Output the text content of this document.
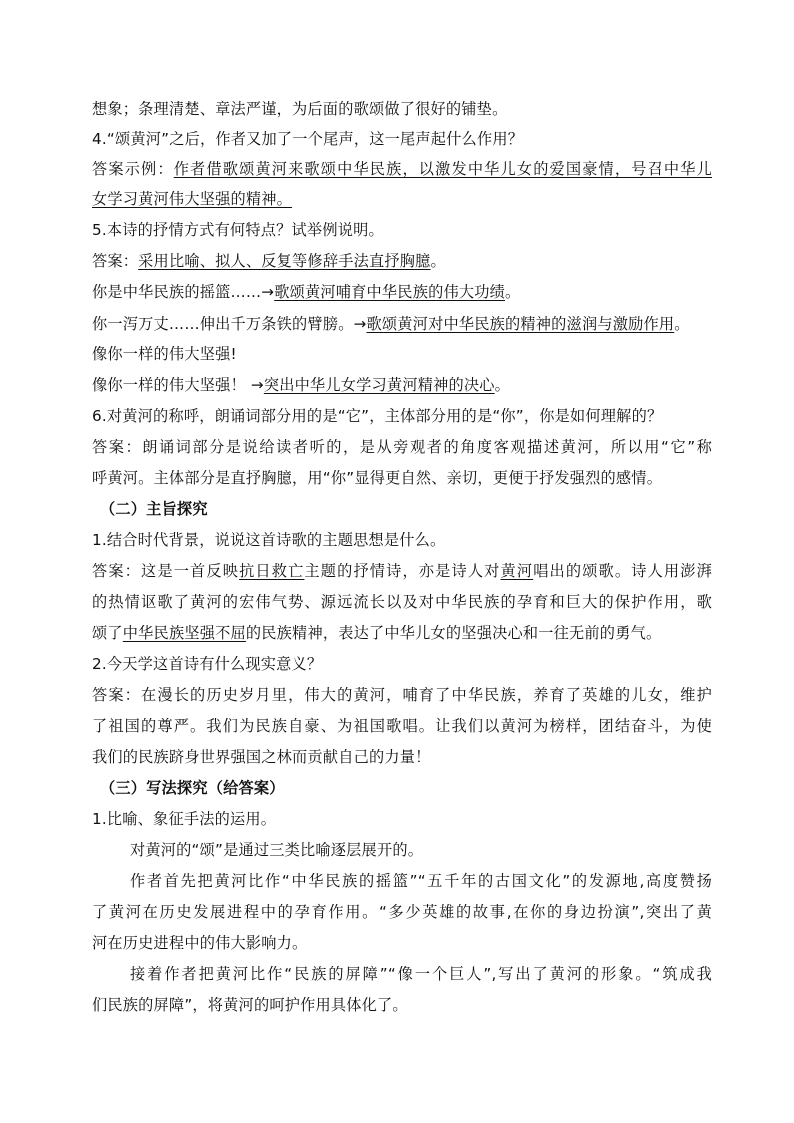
想象；条理清楚、章法严谨，为后面的歌颂做了很好的铺垫。
4.“颂黄河”之后，作者又加了一个尾声，这一尾声起什么作用？
答案示例：作者借歌颂黄河来歌颂中华民族，以激发中华儿女的爱国豪情，号召中华儿
女学习黄河伟大坚强的精神。
5.本诗的抒情方式有何特点？试举例说明。
答案：采用比喻、拟人、反复等修辞手法直抒胸臆。
你是中华民族的摇篮……→歌颂黄河哺育中华民族的伟大功绩。
你一泻万丈……伸出千万条铁的臂膀。→歌颂黄河对中华民族的精神的滋润与激励作用。
像你一样的伟大坚强!
像你一样的伟大坚强！ →突出中华儿女学习黄河精神的决心。
6.对黄河的称呼，朗诵词部分用的是“它”，主体部分用的是“你”，你是如何理解的？
答案：朗诵词部分是说给读者听的，是从旁观者的角度客观描述黄河，所以用“它”称
呼黄河。主体部分是直抒胸臆，用“你”显得更自然、亲切，更便于抒发强烈的感情。
（二）主旨探究
1.结合时代背景，说说这首诗歌的主题思想是什么。
答案：这是一首反映抗日救亡主题的抒情诗，亦是诗人对黄河唱出的颂歌。诗人用澎湃
的热情讴歌了黄河的宏伟气势、源远流长以及对中华民族的孕育和巨大的保护作用，歌
颂了中华民族坚强不屈的民族精神，表达了中华儿女的坚强决心和一往无前的勇气。
2.今天学这首诗有什么现实意义？
答案：在漫长的历史岁月里，伟大的黄河，哺育了中华民族，养育了英雄的儿女，维护
了祖国的尊严。我们为民族自豪、为祖国歌唱。让我们以黄河为榜样，团结奋斗，为使
我们的民族跻身世界强国之林而贡献自己的力量！
（三）写法探究（给答案）
1.比喻、象征手法的运用。
对黄河的“颂”是通过三类比喻逐层展开的。
作者首先把黄河比作“中华民族的摇篮”“五千年的古国文化”的发源地,高度赞扬
了黄河在历史发展进程中的孕育作用。“多少英雄的故事,在你的身边扮演”,突出了黄
河在历史进程中的伟大影响力。
接着作者把黄河比作“民族的屏障”“像一个巨人”,写出了黄河的形象。“筑成我
们民族的屏障”，将黄河的呵护作用具体化了。
